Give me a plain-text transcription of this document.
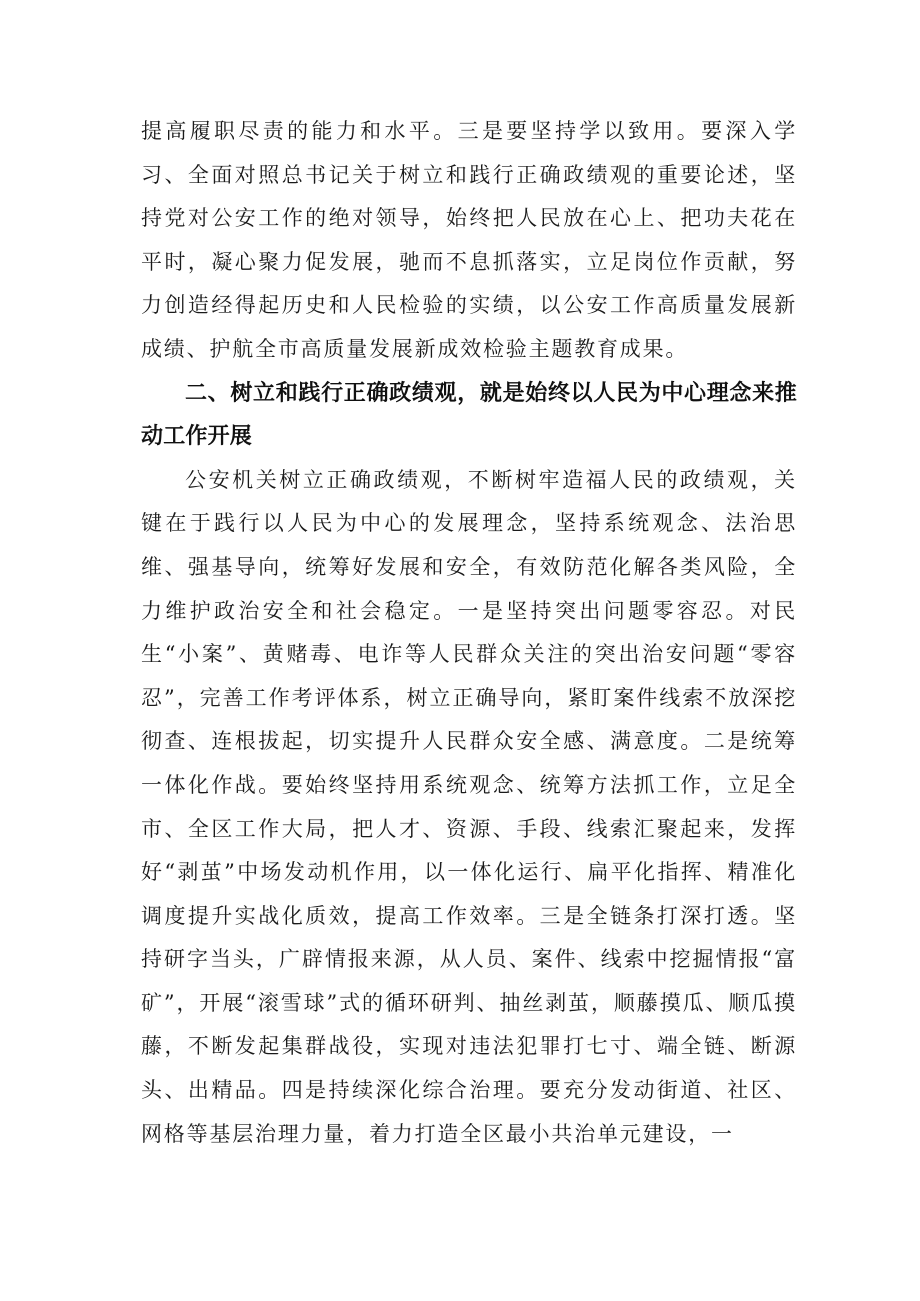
提高履职尽责的能力和水平。三是要坚持学以致用。要深入学习、全面对照总书记关于树立和践行正确政绩观的重要论述，坚持党对公安工作的绝对领导，始终把人民放在心上、把功夫花在平时，凝心聚力促发展，驰而不息抓落实，立足岗位作贡献，努力创造经得起历史和人民检验的实绩，以公安工作高质量发展新成绩、护航全市高质量发展新成效检验主题教育成果。

二、树立和践行正确政绩观，就是始终以人民为中心理念来推动工作开展

公安机关树立正确政绩观，不断树牢造福人民的政绩观，关键在于践行以人民为中心的发展理念，坚持系统观念、法治思维、强基导向，统筹好发展和安全，有效防范化解各类风险，全力维护政治安全和社会稳定。一是坚持突出问题零容忍。对民生“小案”、黄赌毒、电诈等人民群众关注的突出治安问题“零容忍”，完善工作考评体系，树立正确导向，紧盯案件线索不放深挖彻查、连根拔起，切实提升人民群众安全感、满意度。二是统筹一体化作战。要始终坚持用系统观念、统筹方法抓工作，立足全市、全区工作大局，把人才、资源、手段、线索汇聚起来，发挥好“剥茧”中场发动机作用，以一体化运行、扁平化指挥、精准化调度提升实战化质效，提高工作效率。三是全链条打深打透。坚持研字当头，广辟情报来源，从人员、案件、线索中挖掘情报“富矿”，开展“滚雪球”式的循环研判、抽丝剥茧，顺藤摸瓜、顺瓜摸藤，不断发起集群战役，实现对违法犯罪打七寸、端全链、断源头、出精品。四是持续深化综合治理。要充分发动街道、社区、网格等基层治理力量，着力打造全区最小共治单元建设，一
